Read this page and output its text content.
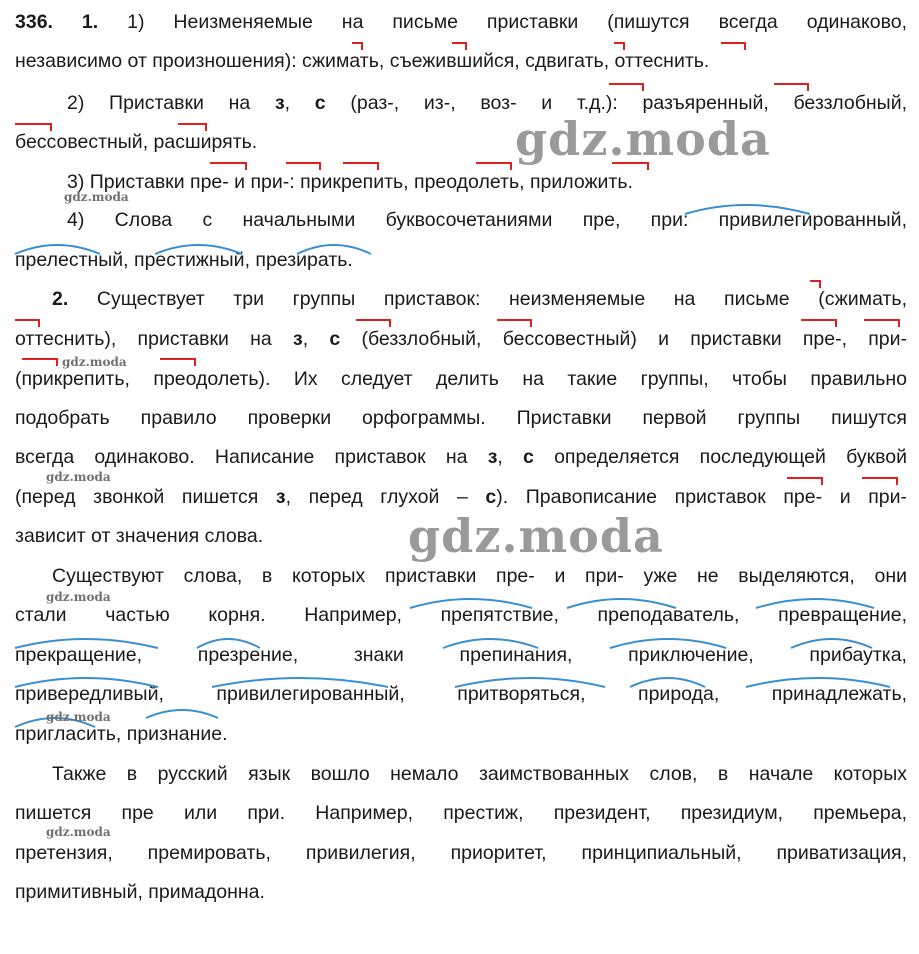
336. 1. 1) Неизменяемые на письме приставки (пишутся всегда одинаково,
независимо от произношения): сжимать, съежившийся, сдвигать, оттеснить.
2) Приставки на з, с (раз-, из-, воз- и т.д.): разъяренный, беззлобный,
бессовестный, расширять.
3) Приставки пре- и при-: прикрепить, преодолеть, приложить.
4) Слова с начальными буквосочетаниями пре, при: привилегированный,
прелестный, престижный, презирать.
2. Существует три группы приставок: неизменяемые на письме (сжимать,
оттеснить), приставки на з, с (беззлобный, бессовестный) и приставки пре-, при-
(прикрепить, преодолеть). Их следует делить на такие группы, чтобы правильно
подобрать правило проверки орфограммы. Приставки первой группы пишутся
всегда одинаково. Написание приставок на з, с определяется последующей буквой
(перед звонкой пишется з, перед глухой – с). Правописание приставок пре- и при-
зависит от значения слова.
Существуют слова, в которых приставки пре- и при- уже не выделяются, они
стали частью корня. Например, препятствие, преподаватель, превращение,
прекращение,	презрение,	знаки	препинания,	приключение,	прибаутка,
привередливый,	привилегированный,	притворяться,	природа,	принадлежать,
пригласить, признание.
Также в русский язык вошло немало заимствованных слов, в начале которых
пишется пре или при. Например, престиж, президент, президиум, премьера,
претензия, премировать, привилегия, приоритет, принципиальный, приватизация,
примитивный, примадонна.
gdz.moda
gdz.moda
gdz.moda
gdz.moda
gdz.moda
gdz.moda
gdz.moda
gdz.moda
